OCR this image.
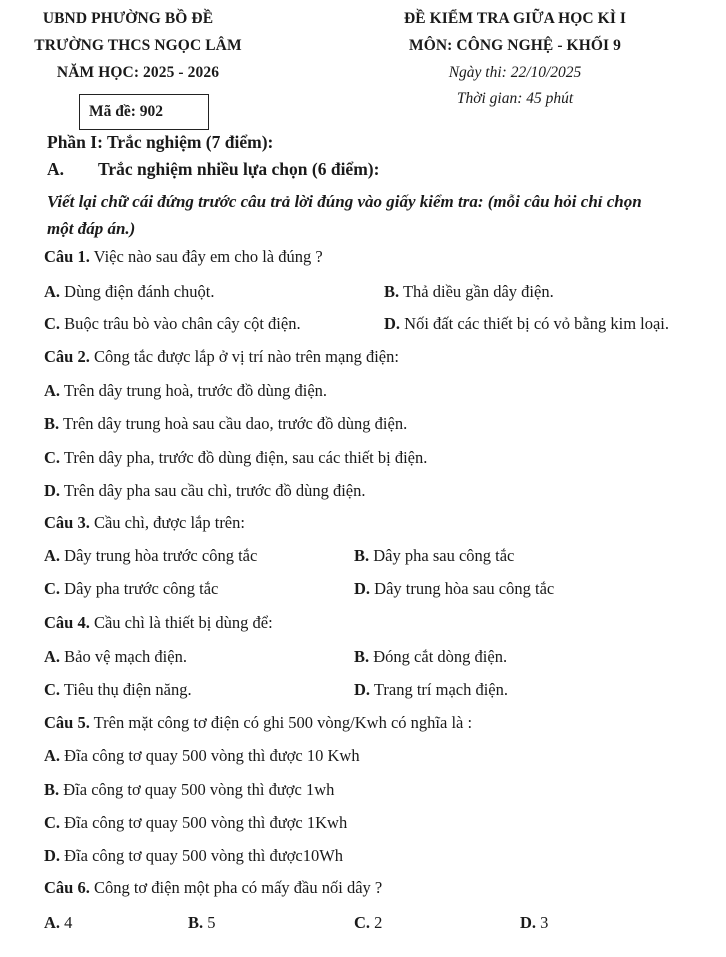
UBND PHƯỜNG BỒ ĐỀ
TRƯỜNG THCS NGỌC LÂM
NĂM HỌC: 2025 - 2026
ĐỀ KIỂM TRA GIỮA HỌC KÌ I
MÔN: CÔNG NGHỆ - KHỐI 9
Ngày thi: 22/10/2025
Thời gian: 45 phút
Mã đề: 902
Phần I: Trắc nghiệm (7 điểm):
A. Trắc nghiệm nhiều lựa chọn (6 điểm):
Viết lại chữ cái đứng trước câu trả lời đúng vào giấy kiểm tra: (mỗi câu hỏi chỉ chọn
một đáp án.)
Câu 1. Việc nào sau đây em cho là đúng ?
A. Dùng điện đánh chuột.	B. Thả diều gần dây điện.
C. Buộc trâu bò vào chân cây cột điện.	D. Nối đất các thiết bị có vỏ bằng kim loại.
Câu 2. Công tắc được lắp ở vị trí nào trên mạng điện:
A. Trên dây trung hoà, trước đồ dùng điện.
B. Trên dây trung hoà sau cầu dao, trước đồ dùng điện.
C. Trên dây pha, trước đồ dùng điện, sau các thiết bị điện.
D. Trên dây pha sau cầu chì, trước đồ dùng điện.
Câu 3. Cầu chì, được lắp trên:
A. Dây trung hòa trước công tắc	B. Dây pha sau công tắc
C. Dây pha trước công tắc	D. Dây trung hòa sau công tắc
Câu 4. Cầu chì là thiết bị dùng để:
A. Bảo vệ mạch điện.	B. Đóng cắt dòng điện.
C. Tiêu thụ điện năng.	D. Trang trí mạch điện.
Câu 5. Trên mặt công tơ điện có ghi 500 vòng/Kwh có nghĩa là :
A. Đĩa công tơ quay 500 vòng thì được 10 Kwh
B. Đĩa công tơ quay 500 vòng thì được 1wh
C. Đĩa công tơ quay 500 vòng thì được 1Kwh
D. Đĩa công tơ quay 500 vòng thì được10Wh
Câu 6. Công tơ điện một pha có mấy đầu nối dây ?
A. 4	B. 5	C. 2	D. 3
